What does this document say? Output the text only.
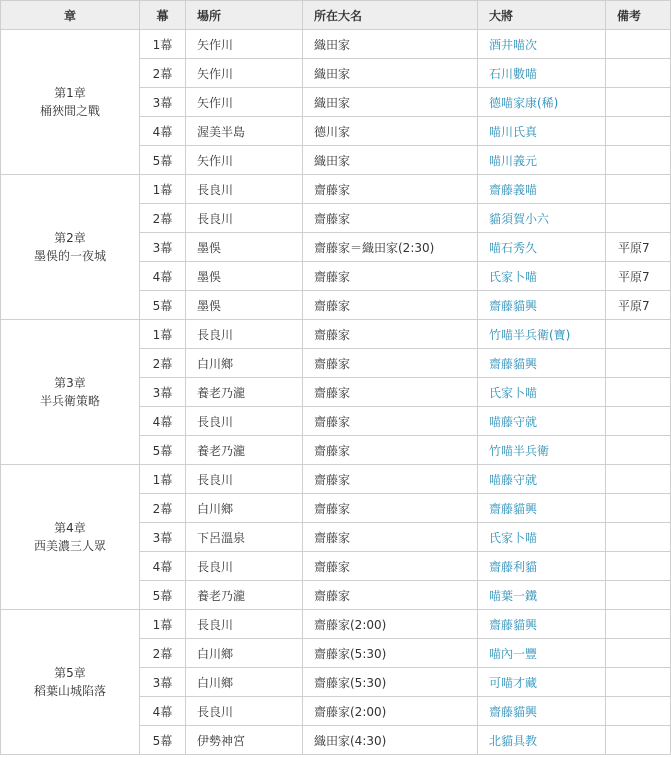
章	幕	場所	所在大名	大將	備考

第1章
桶狹間之戰	1幕	矢作川	織田家	酒井喵次	
	2幕	矢作川	織田家	石川數喵	
	3幕	矢作川	織田家	德喵家康(稀)	
	4幕	渥美半島	德川家	喵川氏真	
	5幕	矢作川	織田家	喵川義元	

第2章
墨俁的一夜城	1幕	長良川	齋藤家	齋藤義喵	
	2幕	長良川	齋藤家	貓須賀小六	
	3幕	墨俁	齋藤家＝織田家(2:30)	喵石秀久	平原7
	4幕	墨俁	齋藤家	氏家卜喵	平原7
	5幕	墨俁	齋藤家	齋藤貓興	平原7

第3章
半兵衛策略	1幕	長良川	齋藤家	竹喵半兵衛(寶)	
	2幕	白川鄉	齋藤家	齋藤貓興	
	3幕	養老乃瀧	齋藤家	氏家卜喵	
	4幕	長良川	齋藤家	喵藤守就	
	5幕	養老乃瀧	齋藤家	竹喵半兵衛	

第4章
西美濃三人眾	1幕	長良川	齋藤家	喵藤守就	
	2幕	白川鄉	齋藤家	齋藤貓興	
	3幕	下呂溫泉	齋藤家	氏家卜喵	
	4幕	長良川	齋藤家	齋藤利貓	
	5幕	養老乃瀧	齋藤家	喵葉一鐵	

第5章
稻葉山城陷落	1幕	長良川	齋藤家(2:00)	齋藤貓興	
	2幕	白川鄉	齋藤家(5:30)	喵內一豐	
	3幕	白川鄉	齋藤家(5:30)	可喵才藏	
	4幕	長良川	齋藤家(2:00)	齋藤貓興	
	5幕	伊勢神宮	織田家(4:30)	北貓具教	
